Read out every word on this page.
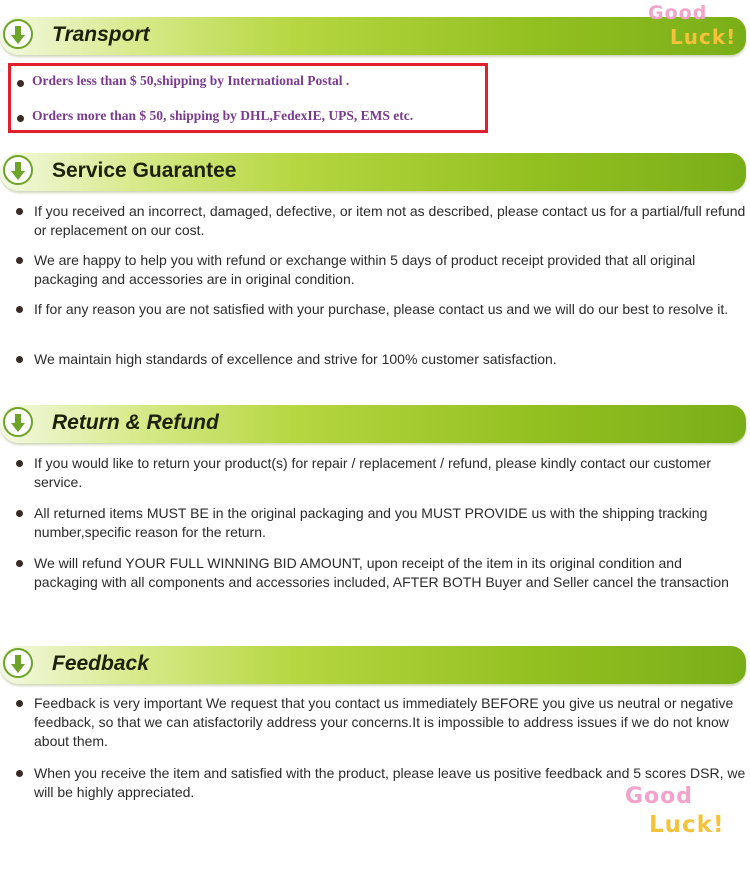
Transport
Good
Luck!
Orders less than $ 50,shipping by International Postal .
Orders more than $ 50, shipping by DHL,FedexIE, UPS, EMS etc.
Service Guarantee
If you received an incorrect, damaged, defective, or item not as described, please contact us for a partial/full refund or replacement on our cost.
We are happy to help you with refund or exchange within 5 days of product receipt provided that all original packaging and accessories are in original condition.
If for any reason you are not satisfied with your purchase, please contact us and we will do our best to resolve it.
We maintain high standards of excellence and strive for 100% customer satisfaction.
Return & Refund
If you would like to return your product(s) for repair / replacement / refund, please kindly contact our customer service.
All returned items MUST BE in the original packaging and you MUST PROVIDE us with the shipping tracking number,specific reason for the return.
We will refund YOUR FULL WINNING BID AMOUNT, upon receipt of the item in its original condition and packaging with all components and accessories included, AFTER BOTH Buyer and Seller cancel the transaction
Feedback
Feedback is very important We request that you contact us immediately BEFORE you give us neutral or negative feedback, so that we can atisfactorily address your concerns.It is impossible to address issues if we do not know about them.
When you receive the item and satisfied with the product, please leave us positive feedback and 5 scores DSR, we will be highly appreciated.	Good
Luck!
